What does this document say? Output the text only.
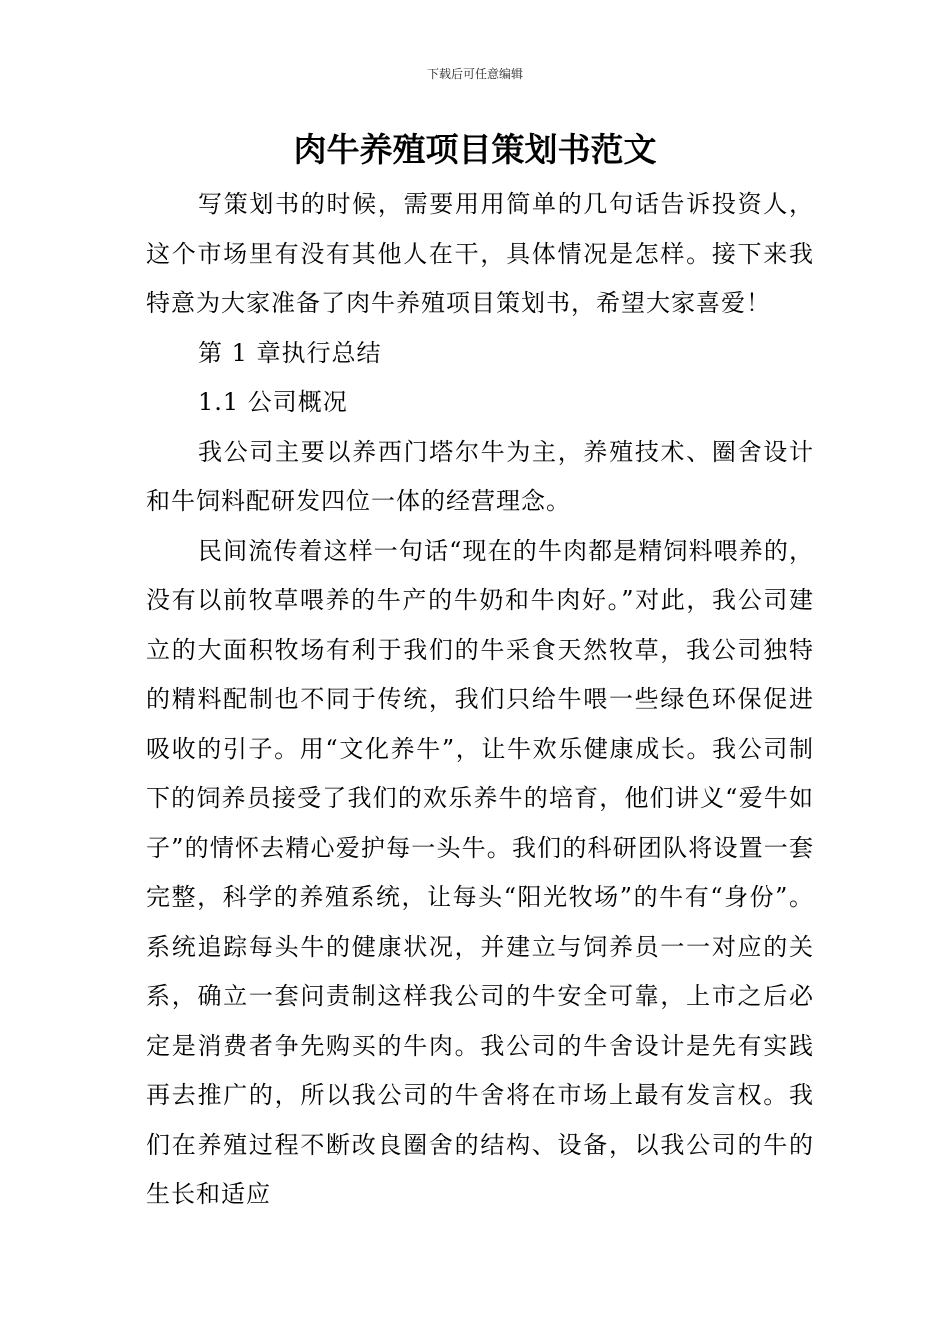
下载后可任意编辑
肉牛养殖项目策划书范文

写策划书的时候，需要用用简单的几句话告诉投资人，这个市场里有没有其他人在干，具体情况是怎样。接下来我特意为大家准备了肉牛养殖项目策划书，希望大家喜爱！

第 1 章执行总结

1.1 公司概况

我公司主要以养西门塔尔牛为主，养殖技术、圈舍设计和牛饲料配研发四位一体的经营理念。

民间流传着这样一句话“现在的牛肉都是精饲料喂养的，没有以前牧草喂养的牛产的牛奶和牛肉好。”对此，我公司建立的大面积牧场有利于我们的牛采食天然牧草，我公司独特的精料配制也不同于传统，我们只给牛喂一些绿色环保促进吸收的引子。用“文化养牛”，让牛欢乐健康成长。我公司制下的饲养员接受了我们的欢乐养牛的培育，他们讲义“爱牛如子”的情怀去精心爱护每一头牛。我们的科研团队将设置一套完整，科学的养殖系统，让每头“阳光牧场”的牛有“身份”。系统追踪每头牛的健康状况，并建立与饲养员一一对应的关系，确立一套问责制这样我公司的牛安全可靠，上市之后必定是消费者争先购买的牛肉。我公司的牛舍设计是先有实践再去推广的，所以我公司的牛舍将在市场上最有发言权。我们在养殖过程不断改良圈舍的结构、设备，以我公司的牛的生长和适应
